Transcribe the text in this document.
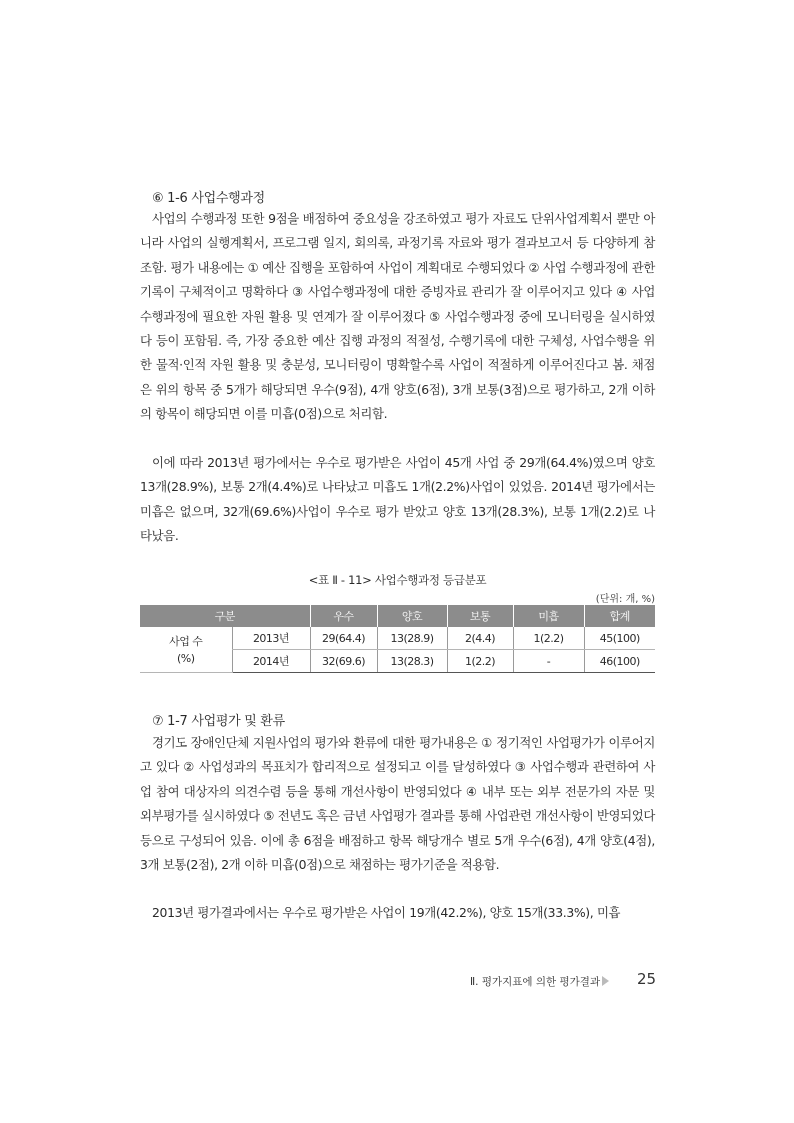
⑥ 1-6 사업수행과정

사업의 수행과정 또한 9점을 배점하여 중요성을 강조하였고 평가 자료도 단위사업계획서 뿐만 아니라 사업의 실행계획서, 프로그램 일지, 회의록, 과정기록 자료와 평가 결과보고서 등 다양하게 참조함. 평가 내용에는 ① 예산 집행을 포함하여 사업이 계획대로 수행되었다 ② 사업 수행과정에 관한 기록이 구체적이고 명확하다 ③ 사업수행과정에 대한 증빙자료 관리가 잘 이루어지고 있다 ④ 사업수행과정에 필요한 자원 활용 및 연계가 잘 이루어졌다 ⑤ 사업수행과정 중에 모니터링을 실시하였다 등이 포함됨. 즉, 가장 중요한 예산 집행 과정의 적절성, 수행기록에 대한 구체성, 사업수행을 위한 물적·인적 자원 활용 및 충분성, 모니터링이 명확할수록 사업이 적절하게 이루어진다고 봄. 채점은 위의 항목 중 5개가 해당되면 우수(9점), 4개 양호(6점), 3개 보통(3점)으로 평가하고, 2개 이하의 항목이 해당되면 이를 미흡(0점)으로 처리함.

이에 따라 2013년 평가에서는 우수로 평가받은 사업이 45개 사업 중 29개(64.4%)였으며 양호 13개(28.9%), 보통 2개(4.4%)로 나타났고 미흡도 1개(2.2%)사업이 있었음. 2014년 평가에서는 미흡은 없으며, 32개(69.6%)사업이 우수로 평가 받았고 양호 13개(28.3%), 보통 1개(2.2)로 나타났음.

<표 Ⅱ - 11> 사업수행과정 등급분포
(단위: 개, %)
구분		우수	양호	보통	미흡	합계
사업 수
(%)	2013년	29(64.4)	13(28.9)	2(4.4)	1(2.2)	45(100)
	2014년	32(69.6)	13(28.3)	1(2.2)	-	46(100)
⑦ 1-7 사업평가 및 환류

경기도 장애인단체 지원사업의 평가와 환류에 대한 평가내용은 ① 정기적인 사업평가가 이루어지고 있다 ② 사업성과의 목표치가 합리적으로 설정되고 이를 달성하였다 ③ 사업수행과 관련하여 사업 참여 대상자의 의견수렴 등을 통해 개선사항이 반영되었다 ④ 내부 또는 외부 전문가의 자문 및 외부평가를 실시하였다 ⑤ 전년도 혹은 금년 사업평가 결과를 통해 사업관련 개선사항이 반영되었다 등으로 구성되어 있음. 이에 총 6점을 배점하고 항목 해당개수 별로 5개 우수(6점), 4개 양호(4점), 3개 보통(2점), 2개 이하 미흡(0점)으로 채점하는 평가기준을 적용함.

2013년 평가결과에서는 우수로 평가받은 사업이 19개(42.2%), 양호 15개(33.3%), 미흡

Ⅱ. 평가지표에 의한 평가결과	25
